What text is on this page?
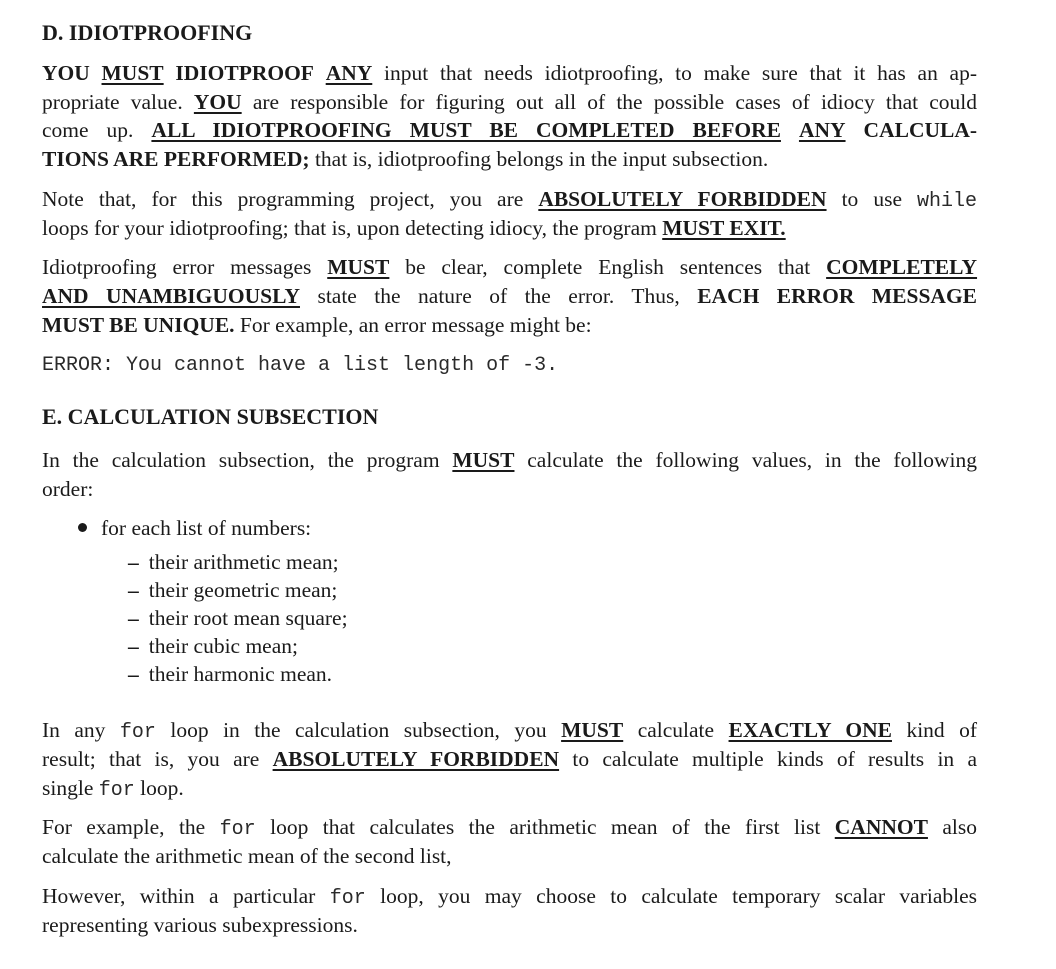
D. IDIOTPROOFING
YOU MUST IDIOTPROOF ANY input that needs idiotproofing, to make sure that it has an ap-
propriate value. YOU are responsible for figuring out all of the possible cases of idiocy that could
come up. ALL IDIOTPROOFING MUST BE COMPLETED BEFORE ANY CALCULA-
TIONS ARE PERFORMED; that is, idiotproofing belongs in the input subsection.
Note that, for this programming project, you are ABSOLUTELY FORBIDDEN to use while
loops for your idiotproofing; that is, upon detecting idiocy, the program MUST EXIT.
Idiotproofing error messages MUST be clear, complete English sentences that COMPLETELY
AND UNAMBIGUOUSLY state the nature of the error. Thus, EACH ERROR MESSAGE
MUST BE UNIQUE. For example, an error message might be:
ERROR: You cannot have a list length of -3.
E. CALCULATION SUBSECTION
In the calculation subsection, the program MUST calculate the following values, in the following
order:
for each list of numbers:
– their arithmetic mean;
– their geometric mean;
– their root mean square;
– their cubic mean;
– their harmonic mean.
In any for loop in the calculation subsection, you MUST calculate EXACTLY ONE kind of
result; that is, you are ABSOLUTELY FORBIDDEN to calculate multiple kinds of results in a
single for loop.
For example, the for loop that calculates the arithmetic mean of the first list CANNOT also
calculate the arithmetic mean of the second list,
However, within a particular for loop, you may choose to calculate temporary scalar variables
representing various subexpressions.
